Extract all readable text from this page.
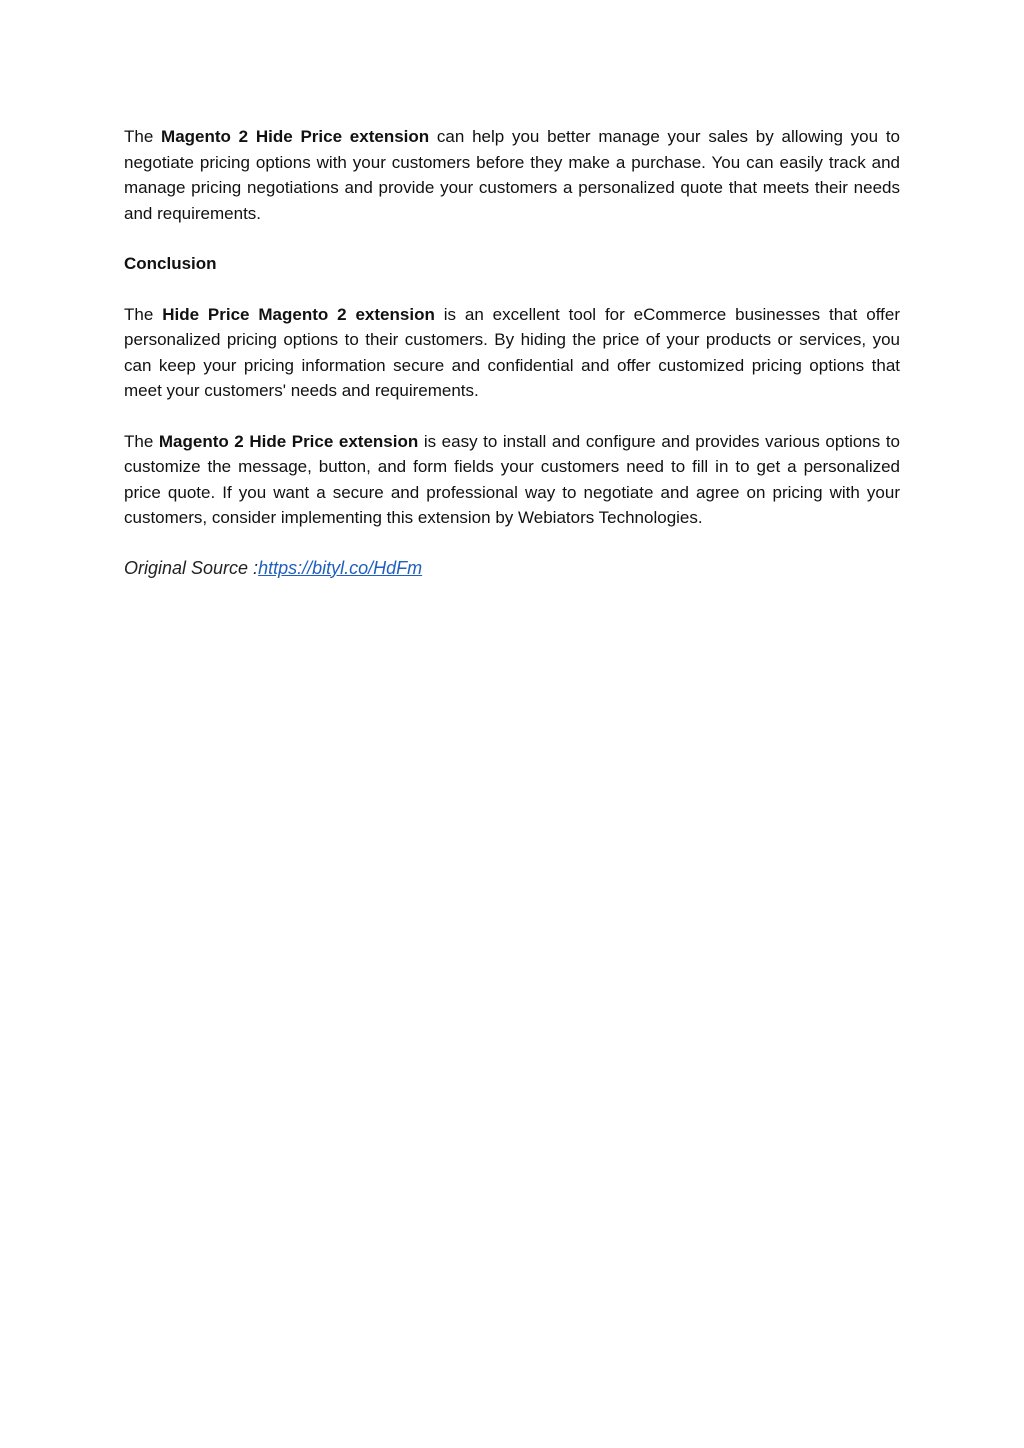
The Magento 2 Hide Price extension can help you better manage your sales by allowing you to negotiate pricing options with your customers before they make a purchase. You can easily track and manage pricing negotiations and provide your customers a personalized quote that meets their needs and requirements.

Conclusion

The Hide Price Magento 2 extension is an excellent tool for eCommerce businesses that offer personalized pricing options to their customers. By hiding the price of your products or services, you can keep your pricing information secure and confidential and offer customized pricing options that meet your customers' needs and requirements.

The Magento 2 Hide Price extension is easy to install and configure and provides various options to customize the message, button, and form fields your customers need to fill in to get a personalized price quote. If you want a secure and professional way to negotiate and agree on pricing with your customers, consider implementing this extension by Webiators Technologies.

Original Source :https://bityl.co/HdFm
